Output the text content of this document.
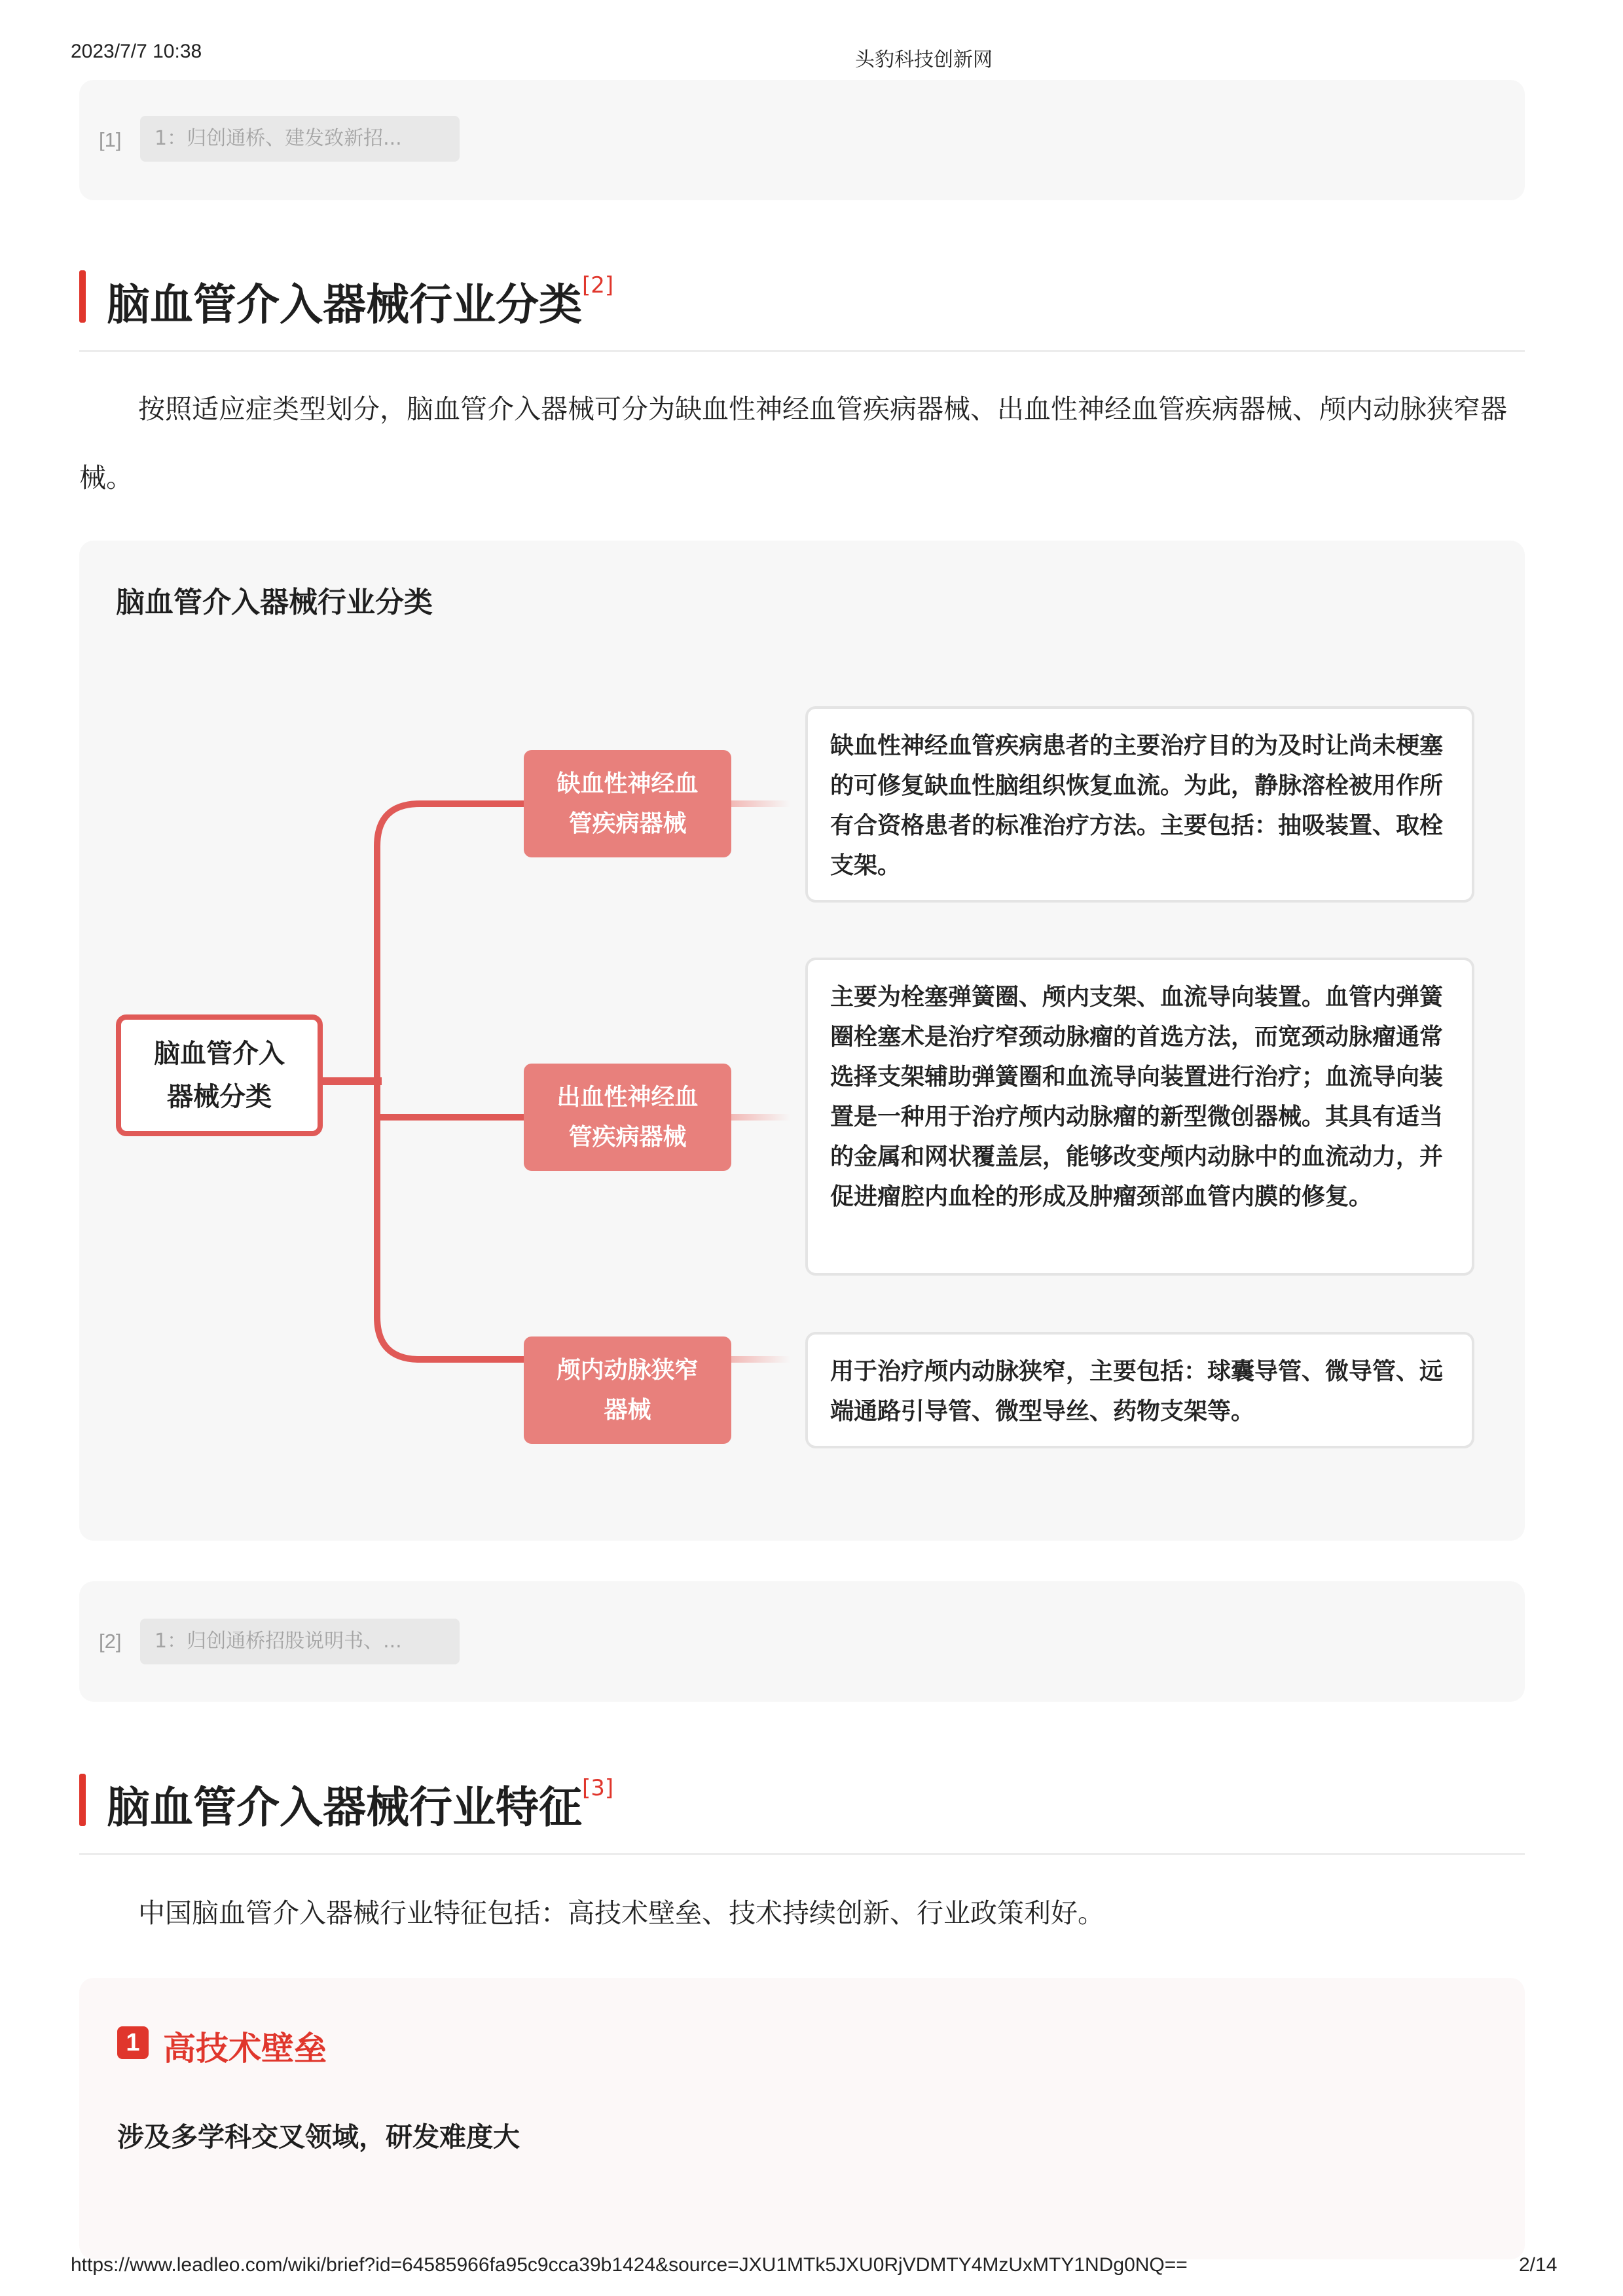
2023/7/7 10:38	头豹科技创新网
[1]	1：归创通桥、建发致新招...
脑血管介入器械行业分类[2]
按照适应症类型划分，脑血管介入器械可分为缺血性神经血管疾病器械、出血性神经血管疾病器械、颅内动脉狭窄器械。
脑血管介入器械行业分类
脑血管介入器械分类
缺血性神经血管疾病器械
出血性神经血管疾病器械
颅内动脉狭窄器械
缺血性神经血管疾病患者的主要治疗目的为及时让尚未梗塞的可修复缺血性脑组织恢复血流。为此，静脉溶栓被用作所有合资格患者的标准治疗方法。主要包括：抽吸装置、取栓支架。
主要为栓塞弹簧圈、颅内支架、血流导向装置。血管内弹簧圈栓塞术是治疗窄颈动脉瘤的首选方法，而宽颈动脉瘤通常选择支架辅助弹簧圈和血流导向装置进行治疗；血流导向装置是一种用于治疗颅内动脉瘤的新型微创器械。其具有适当的金属和网状覆盖层，能够改变颅内动脉中的血流动力，并促进瘤腔内血栓的形成及肿瘤颈部血管内膜的修复。
用于治疗颅内动脉狭窄，主要包括：球囊导管、微导管、远端通路引导管、微型导丝、药物支架等。
[2]	1：归创通桥招股说明书、...
脑血管介入器械行业特征[3]
中国脑血管介入器械行业特征包括：高技术壁垒、技术持续创新、行业政策利好。
1 高技术壁垒
涉及多学科交叉领域，研发难度大
https://www.leadleo.com/wiki/brief?id=64585966fa95c9cca39b1424&source=JXU1MTk5JXU0RjVDMTY4MzUxMTY1NDg0NQ==	2/14
